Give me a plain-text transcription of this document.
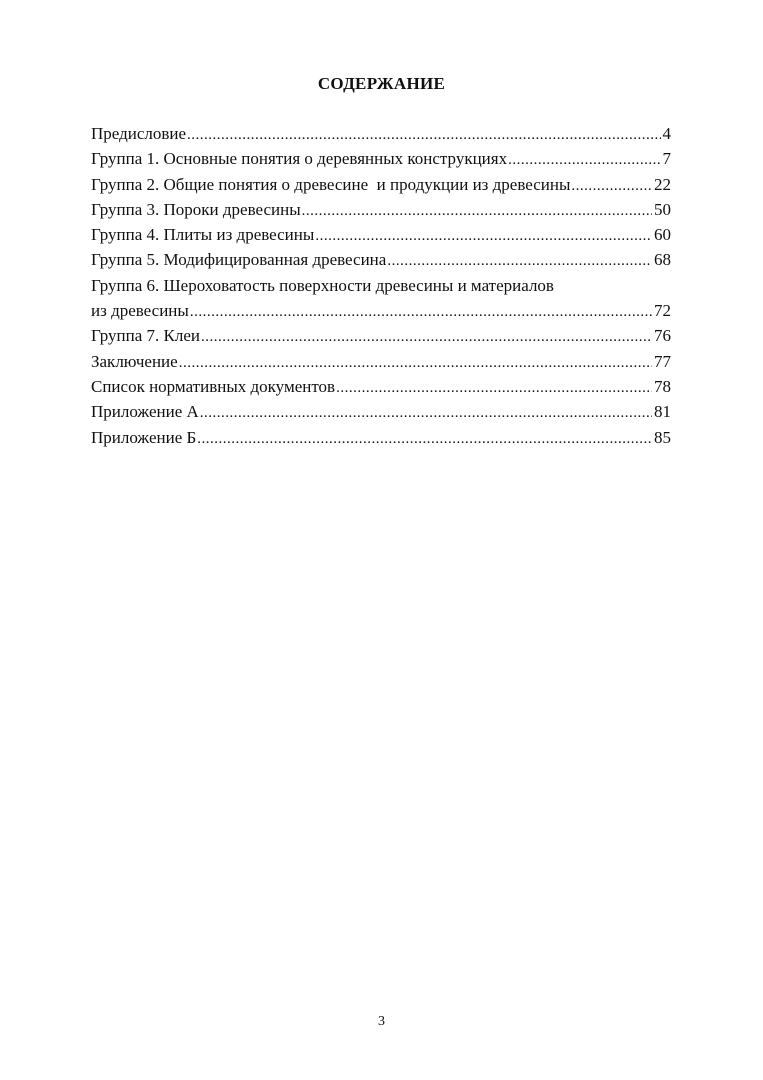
СОДЕРЖАНИЕ
Предисловие .....	4
Группа 1. Основные понятия о деревянных конструкциях .....	7
Группа 2. Общие понятия о древесине  и продукции из древесины .....	22
Группа 3. Пороки древесины .....	50
Группа 4. Плиты из древесины .....	60
Группа 5. Модифицированная древесина .....	68
Группа 6. Шероховатость поверхности древесины и материалов
из древесины .....	72
Группа 7. Клеи .....	76
Заключение .....	77
Список нормативных документов .....	78
Приложение А .....	81
Приложение Б .....	85
3
